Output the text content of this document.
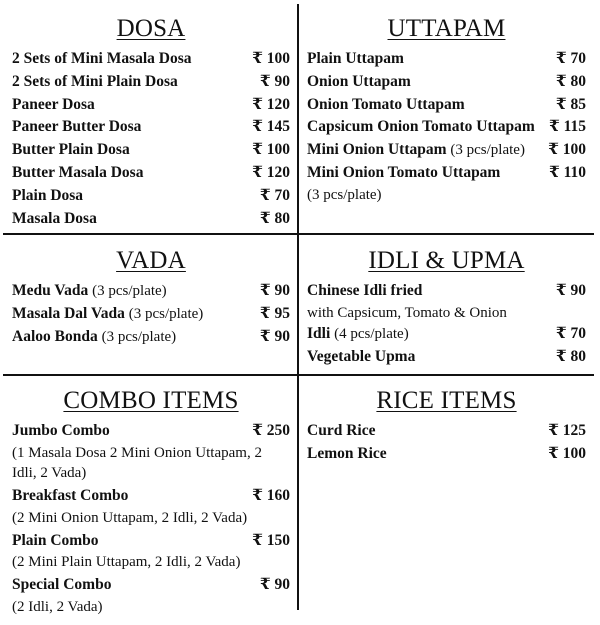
DOSA
2 Sets of Mini Masala Dosa	₹ 100
2 Sets of Mini Plain Dosa	₹ 90
Paneer Dosa	₹ 120
Paneer Butter Dosa	₹ 145
Butter Plain Dosa	₹ 100
Butter Masala Dosa	₹ 120
Plain Dosa	₹ 70
Masala Dosa	₹ 80
UTTAPAM
Plain Uttapam	₹ 70
Onion Uttapam	₹ 80
Onion Tomato Uttapam	₹ 85
Capsicum Onion Tomato Uttapam ₹ 115
Mini Onion Uttapam (3 pcs/plate) ₹ 100
Mini Onion Tomato Uttapam	₹ 110
(3 pcs/plate)
VADA
Medu Vada (3 pcs/plate)	₹ 90
Masala Dal Vada (3 pcs/plate)	₹ 95
Aaloo Bonda (3 pcs/plate)	₹ 90
IDLI & UPMA
Chinese Idli fried	₹ 90
with Capsicum, Tomato & Onion
Idli (4 pcs/plate)	₹ 70
Vegetable Upma	₹ 80
COMBO ITEMS
Jumbo Combo	₹ 250
(1 Masala Dosa 2 Mini Onion Uttapam, 2 Idli, 2 Vada)
Breakfast Combo	₹ 160
(2 Mini Onion Uttapam, 2 Idli, 2 Vada)
Plain Combo	₹ 150
(2 Mini Plain Uttapam, 2 Idli, 2 Vada)
Special Combo	₹ 90
(2 Idli, 2 Vada)
RICE ITEMS
Curd Rice	₹ 125
Lemon Rice	₹ 100
